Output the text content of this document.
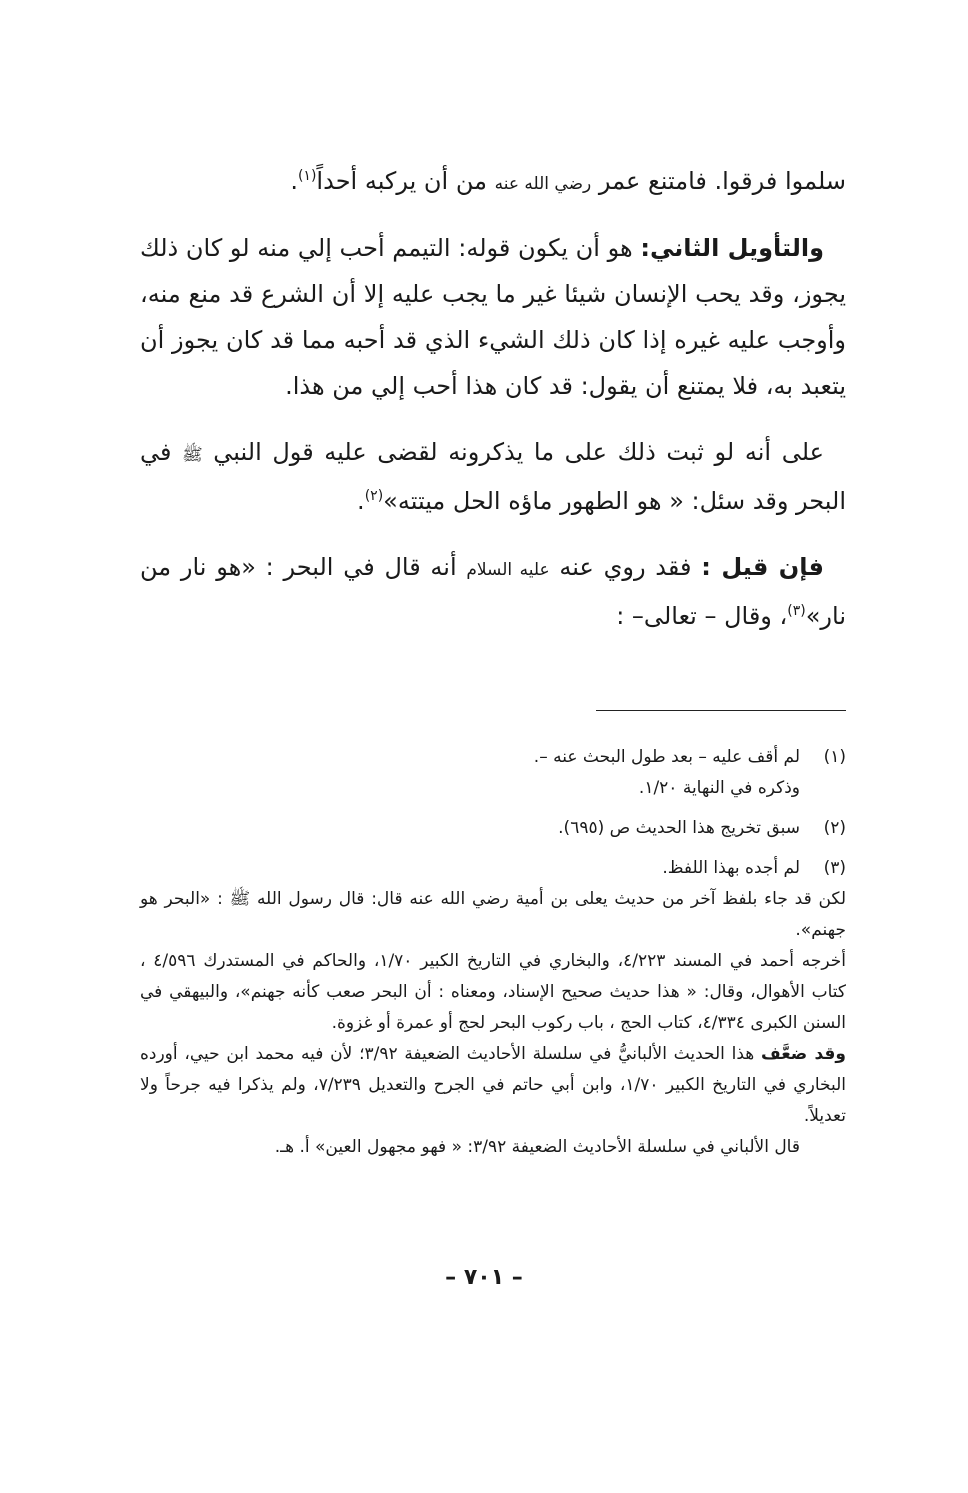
سلموا فرقوا. فامتنع عمر رضي الله عنه من أن يركبه أحداً$^{(١)}$.

والتأويل الثاني: هو أن يكون قوله: التيمم أحب إلي منه لو كان ذلك يجوز، وقد يحب الإنسان شيئا غير ما يجب عليه إلا أن الشرع قد منع منه، وأوجب عليه غيره إذا كان ذلك الشيء الذي قد أحبه مما قد كان يجوز أن يتعبد به، فلا يمتنع أن يقول: قد كان هذا أحب إلي من هذا.

على أنه لو ثبت ذلك على ما يذكرونه لقضى عليه قول النبي ﷺ في البحر وقد سئل: « هو الطهور ماؤه الحل ميتته»$^{(٢)}$.

فإن قيل : فقد روي عنه عليه السلام أنه قال في البحر : «هو نار من نار»$^{(٣)}$، وقال – تعالى– :

(١)
لم أقف عليه – بعد طول البحث عنه –.
وذكره في النهاية ١/٢٠.
(٢)
سبق تخريج هذا الحديث ص (٦٩٥).
(٣)
لم أجده بهذا اللفظ.
لكن قد جاء بلفظ آخر من حديث يعلى بن أمية رضي الله عنه قال: قال رسول الله ﷺ : «البحر هو جهنم».
أخرجه أحمد في المسند ٤/٢٢٣، والبخاري في التاريخ الكبير ١/٧٠، والحاكم في المستدرك ٤/٥٩٦ ، كتاب الأهوال، وقال: « هذا حديث صحيح الإسناد، ومعناه : أن البحر صعب كأنه جهنم»، والبيهقي في السنن الكبرى ٤/٣٣٤، كتاب الحج ، باب ركوب البحر لحج أو عمرة أو غزوة.
وقد ضعَّف هذا الحديث الألبانيُّ في سلسلة الأحاديث الضعيفة ٣/٩٢؛ لأن فيه محمد ابن حيي، أورده البخاري في التاريخ الكبير ١/٧٠، وابن أبي حاتم في الجرح والتعديل ٧/٢٣٩، ولم يذكرا فيه جرحاً ولا تعديلاً.
قال الألباني في سلسلة الأحاديث الضعيفة ٣/٩٢: « فهو مجهول العين» أ. هـ.
– ٧٠١ –
